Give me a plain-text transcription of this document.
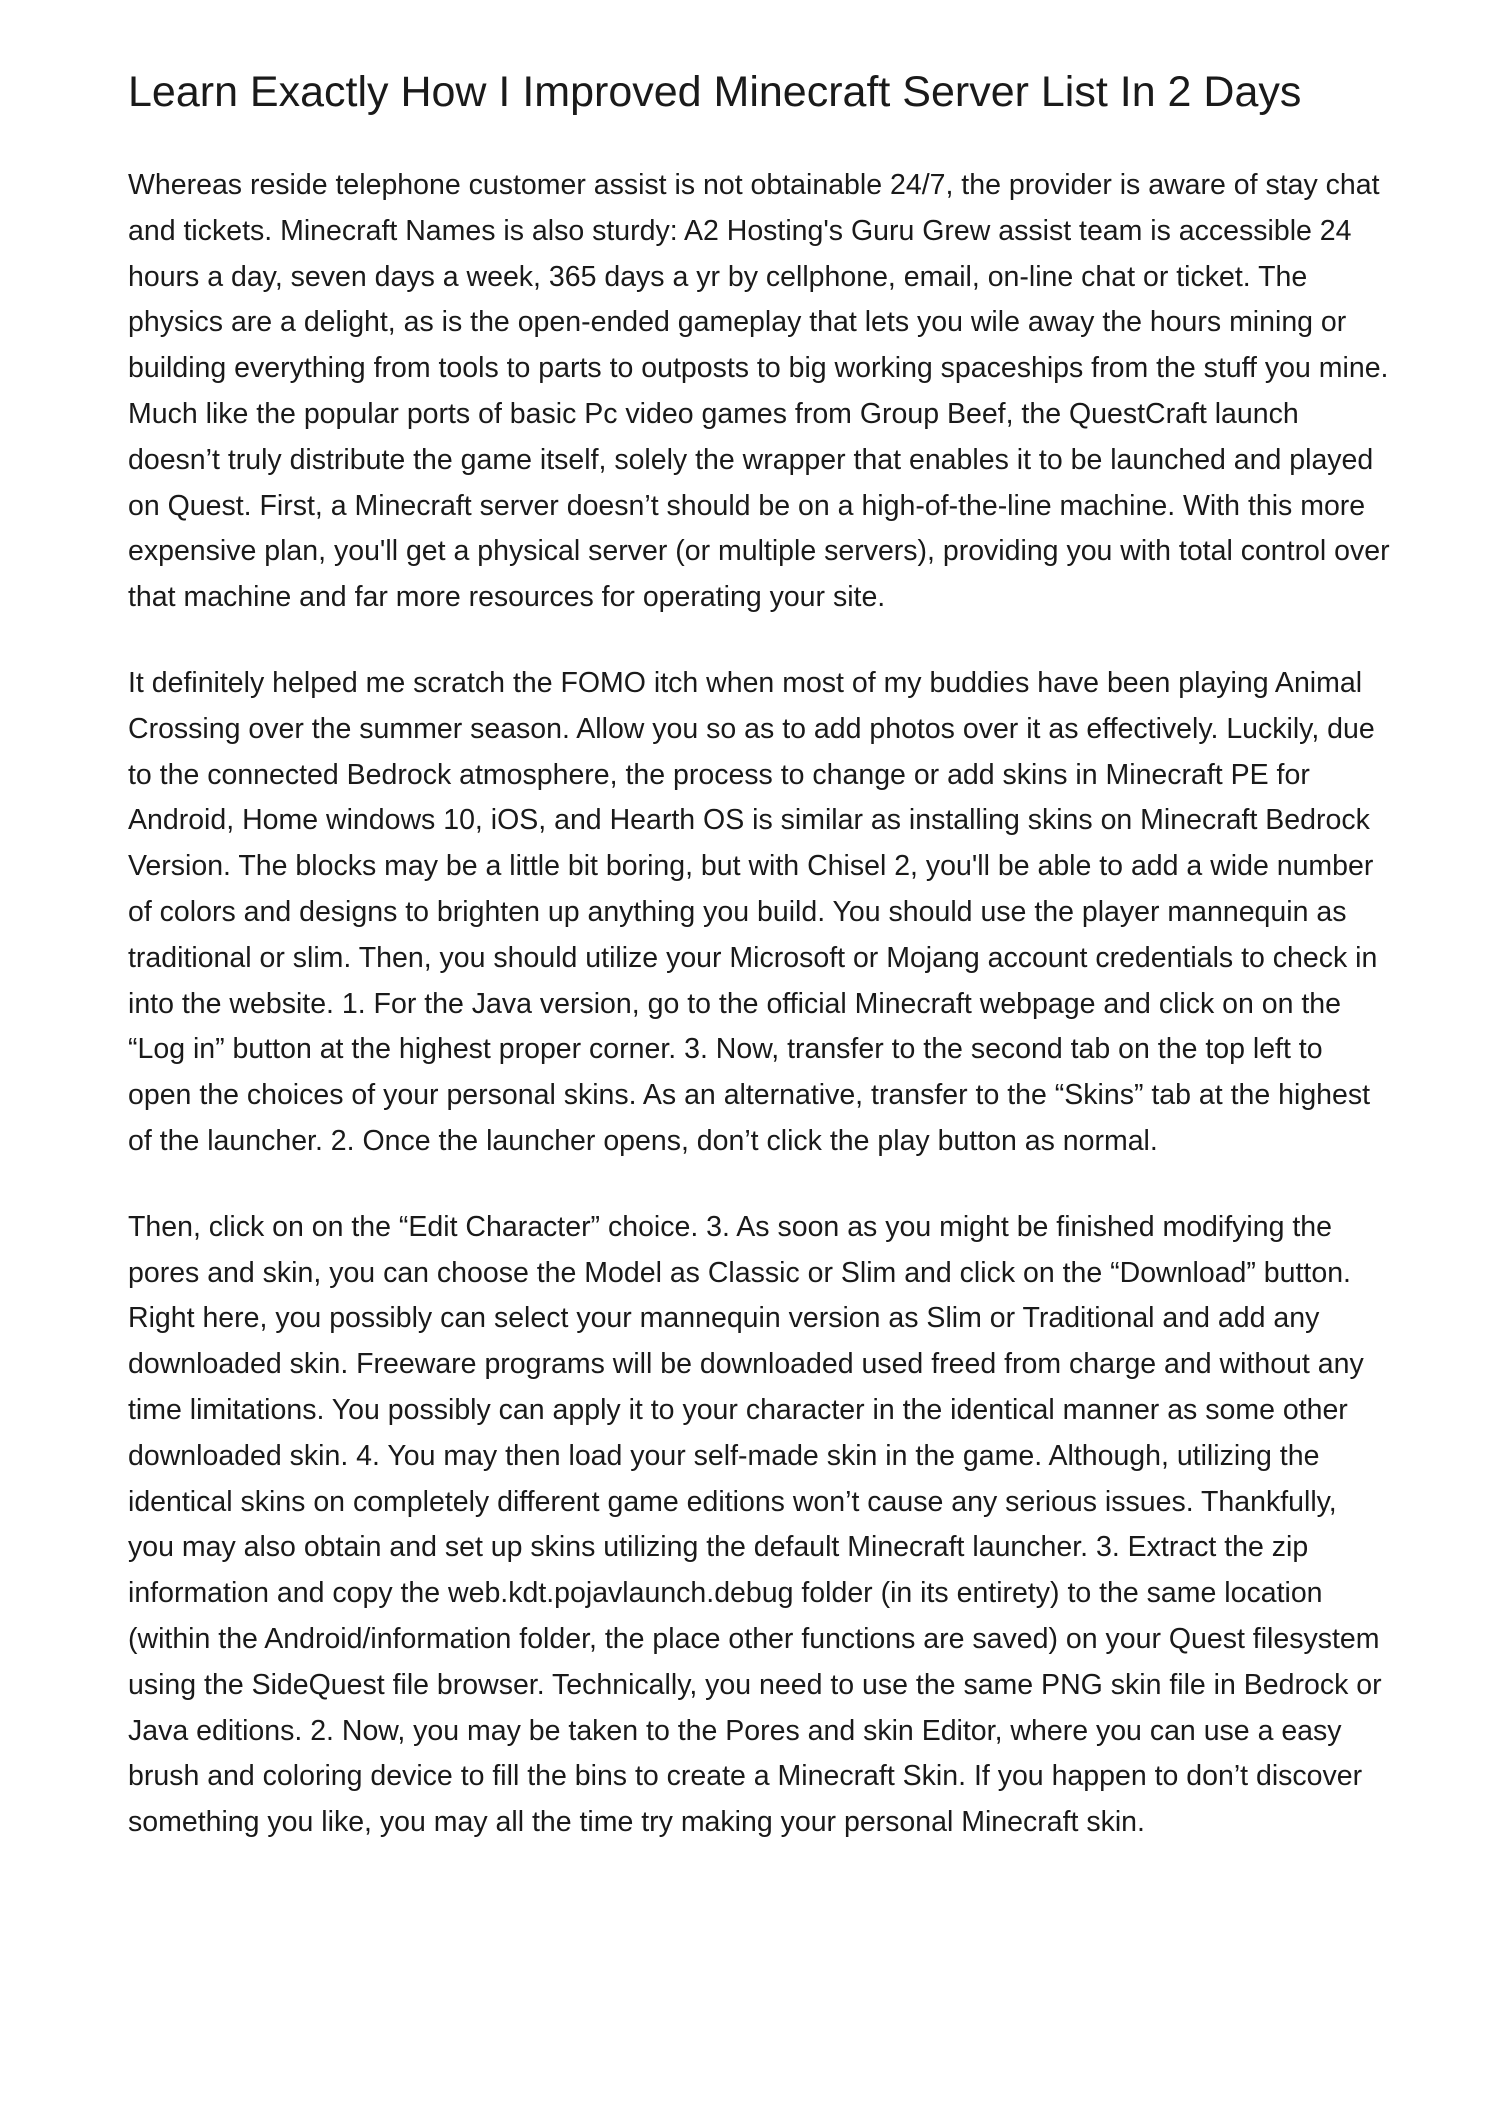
Learn Exactly How I Improved Minecraft Server List In 2 Days

Whereas reside telephone customer assist is not obtainable 24/7, the provider is aware of stay chat and tickets. Minecraft Names is also sturdy: A2 Hosting's Guru Grew assist team is accessible 24 hours a day, seven days a week, 365 days a yr by cellphone, email, on-line chat or ticket. The physics are a delight, as is the open-ended gameplay that lets you wile away the hours mining or building everything from tools to parts to outposts to big working spaceships from the stuff you mine. Much like the popular ports of basic Pc video games from Group Beef, the QuestCraft launch doesn’t truly distribute the game itself, solely the wrapper that enables it to be launched and played on Quest. First, a Minecraft server doesn’t should be on a high-of-the-line machine. With this more expensive plan, you'll get a physical server (or multiple servers), providing you with total control over that machine and far more resources for operating your site.

It definitely helped me scratch the FOMO itch when most of my buddies have been playing Animal Crossing over the summer season. Allow you so as to add photos over it as effectively. Luckily, due to the connected Bedrock atmosphere, the process to change or add skins in Minecraft PE for Android, Home windows 10, iOS, and Hearth OS is similar as installing skins on Minecraft Bedrock Version. The blocks may be a little bit boring, but with Chisel 2, you'll be able to add a wide number of colors and designs to brighten up anything you build. You should use the player mannequin as traditional or slim. Then, you should utilize your Microsoft or Mojang account credentials to check in into the website. 1. For the Java version, go to the official Minecraft webpage and click on on the “Log in” button at the highest proper corner. 3. Now, transfer to the second tab on the top left to open the choices of your personal skins. As an alternative, transfer to the “Skins” tab at the highest of the launcher. 2. Once the launcher opens, don’t click the play button as normal.

Then, click on on the “Edit Character” choice. 3. As soon as you might be finished modifying the pores and skin, you can choose the Model as Classic or Slim and click on the “Download” button. Right here, you possibly can select your mannequin version as Slim or Traditional and add any downloaded skin. Freeware programs will be downloaded used freed from charge and without any time limitations. You possibly can apply it to your character in the identical manner as some other downloaded skin. 4. You may then load your self-made skin in the game. Although, utilizing the identical skins on completely different game editions won’t cause any serious issues. Thankfully, you may also obtain and set up skins utilizing the default Minecraft launcher. 3. Extract the zip information and copy the web.kdt.pojavlaunch.debug folder (in its entirety) to the same location (within the Android/information folder, the place other functions are saved) on your Quest filesystem using the SideQuest file browser. Technically, you need to use the same PNG skin file in Bedrock or Java editions. 2. Now, you may be taken to the Pores and skin Editor, where you can use a easy brush and coloring device to fill the bins to create a Minecraft Skin. If you happen to don’t discover something you like, you may all the time try making your personal Minecraft skin.
